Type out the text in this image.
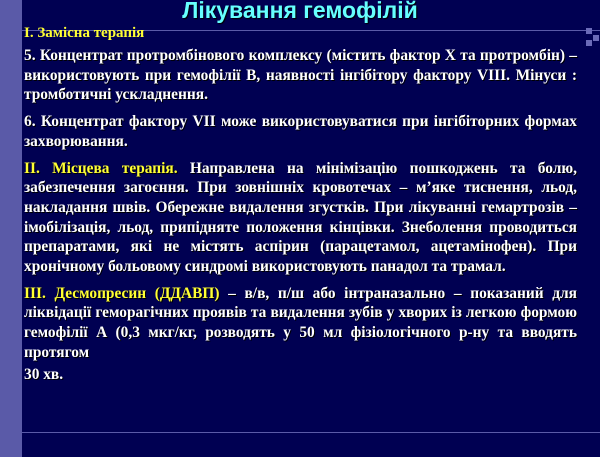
Лікування гемофілій
I. Замісна терапія

5. Концентрат протромбінового комплексу (містить фактор Х та протромбін) – використовують при гемофілії В, наявності інгібітору фактору VIII. Мінуси : тромботичні ускладнення.

6. Концентрат фактору VII може використовуватися при інгібіторних формах захворювання.

II. Місцева терапія. Направлена на мінімізацію пошкоджень та болю, забезпечення загоєння. При зовнішніх кровотечах – м’яке тиснення, льод, накладання швів. Обережне видалення згустків. При лікуванні гемартрозів – імобілізація, льод, припідняте положення кінцівки. Знеболення проводиться препаратами, які не містять аспірин (парацетамол, ацетамінофен). При хронічному больовому синдромі використовують панадол та трамал.

III. Десмопресин (ДДАВП) – в/в, п/ш або інтраназально – показаний для ліквідації геморагічних проявів та видалення зубів у хворих із легкою формою гемофілії А (0,3 мкг/кг, розводять у 50 мл фізіологічного р-ну та вводять протягом

30 хв.
